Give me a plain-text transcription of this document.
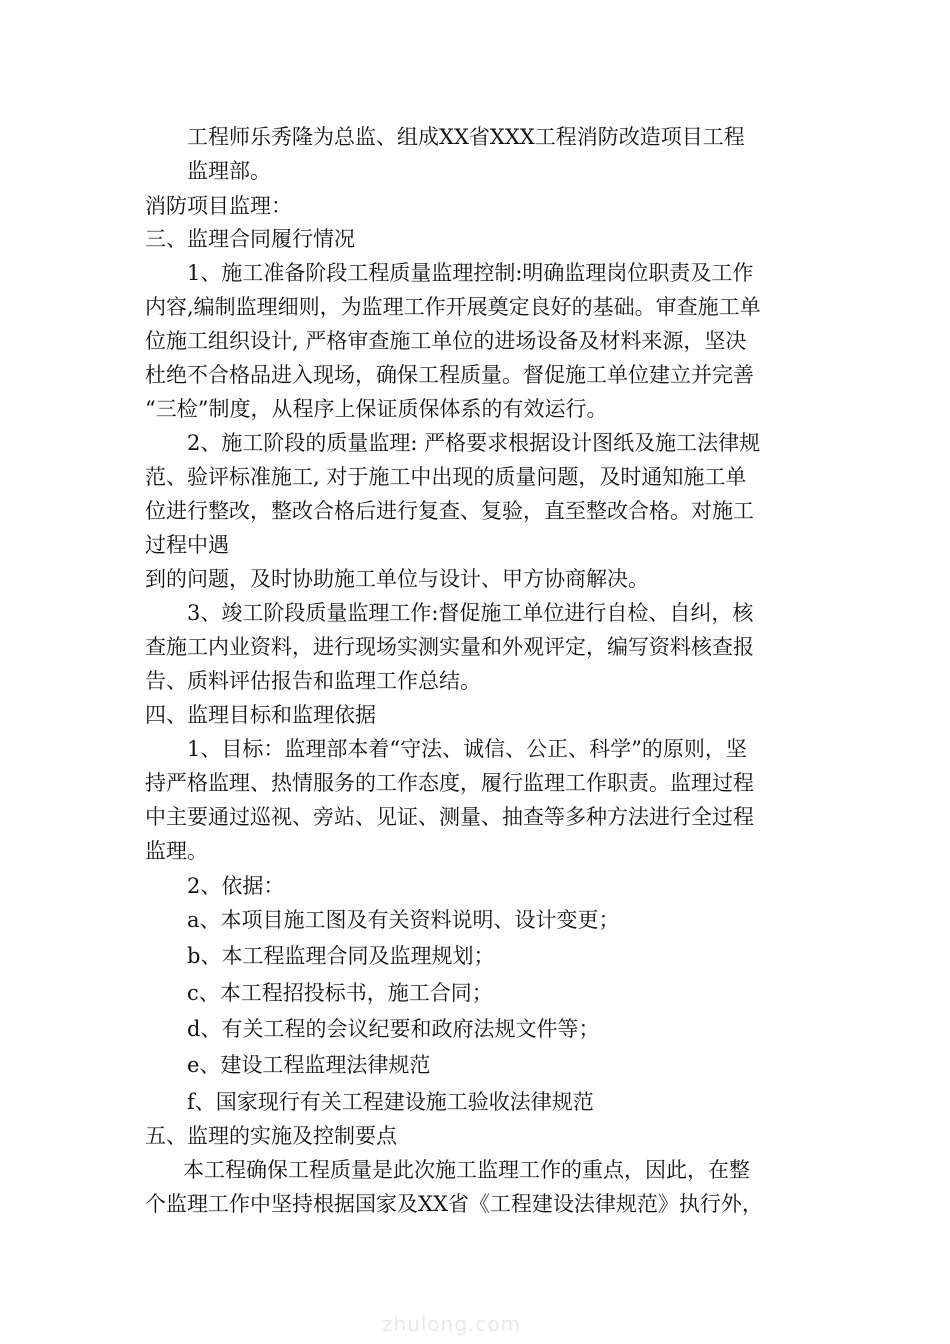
工程师乐秀隆为总监、组成XX省XXX工程消防改造项目工程
监理部。
消防项目监理：
三、监理合同履行情况
1、施工准备阶段工程质量监理控制:明确监理岗位职责及工作
内容,编制监理细则，为监理工作开展奠定良好的基础。审查施工单
位施工组织设计, 严格审查施工单位的进场设备及材料来源，坚决
杜绝不合格品进入现场，确保工程质量。督促施工单位建立并完善
“三检”制度，从程序上保证质保体系的有效运行。
2、施工阶段的质量监理: 严格要求根据设计图纸及施工法律规
范、验评标准施工, 对于施工中出现的质量问题，及时通知施工单
位进行整改，整改合格后进行复查、复验，直至整改合格。对施工
过程中遇
到的问题，及时协助施工单位与设计、甲方协商解决。
3、竣工阶段质量监理工作:督促施工单位进行自检、自纠，核
查施工内业资料，进行现场实测实量和外观评定，编写资料核查报
告、质料评估报告和监理工作总结。
四、监理目标和监理依据
1、目标：监理部本着“守法、诚信、公正、科学”的原则，坚
持严格监理、热情服务的工作态度，履行监理工作职责。监理过程
中主要通过巡视、旁站、见证、测量、抽查等多种方法进行全过程
监理。
2、依据：
a、本项目施工图及有关资料说明、设计变更；
b、本工程监理合同及监理规划；
c、本工程招投标书，施工合同；
d、有关工程的会议纪要和政府法规文件等；
e、建设工程监理法律规范
f、国家现行有关工程建设施工验收法律规范
五、监理的实施及控制要点
本工程确保工程质量是此次施工监理工作的重点，因此，在整
个监理工作中坚持根据国家及XX省《工程建设法律规范》执行外，
zhulong.com
